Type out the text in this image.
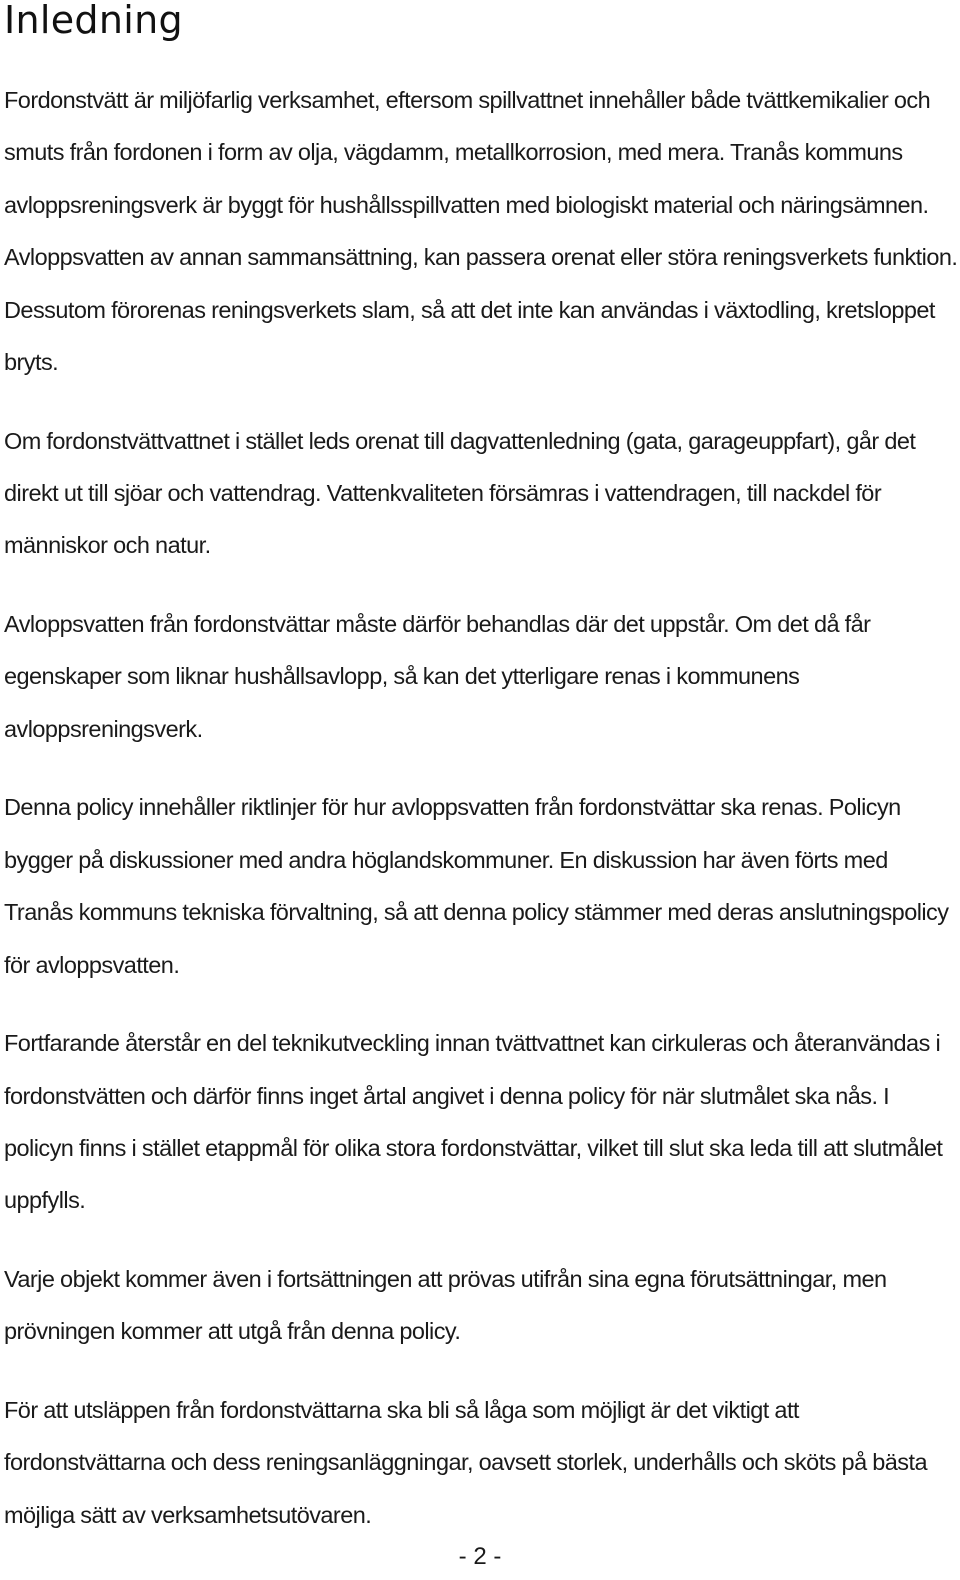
Inledning

Fordonstvätt är miljöfarlig verksamhet, eftersom spillvattnet innehåller både tvättkemikalier och smuts från fordonen i form av olja, vägdamm, metallkorrosion, med mera. Tranås kommuns avloppsreningsverk är byggt för hushållsspillvatten med biologiskt material och näringsämnen. Avloppsvatten av annan sammansättning, kan passera orenat eller störa reningsverkets funktion. Dessutom förorenas reningsverkets slam, så att det inte kan användas i växtodling, kretsloppet bryts.

Om fordonstvättvattnet i stället leds orenat till dagvattenledning (gata, garageuppfart), går det direkt ut till sjöar och vattendrag. Vattenkvaliteten försämras i vattendragen, till nackdel för människor och natur.

Avloppsvatten från fordonstvättar måste därför behandlas där det uppstår. Om det då får egenskaper som liknar hushållsavlopp, så kan det ytterligare renas i kommunens avloppsreningsverk.

Denna policy innehåller riktlinjer för hur avloppsvatten från fordonstvättar ska renas. Policyn bygger på diskussioner med andra höglandskommuner. En diskussion har även förts med Tranås kommuns tekniska förvaltning, så att denna policy stämmer med deras anslutningspolicy för avloppsvatten.

Fortfarande återstår en del teknikutveckling innan tvättvattnet kan cirkuleras och återanvändas i fordonstvätten och därför finns inget årtal angivet i denna policy för när slutmålet ska nås. I policyn finns i stället etappmål för olika stora fordonstvättar, vilket till slut ska leda till att slutmålet uppfylls.

Varje objekt kommer även i fortsättningen att prövas utifrån sina egna förutsättningar, men prövningen kommer att utgå från denna policy.

För att utsläppen från fordonstvättarna ska bli så låga som möjligt är det viktigt att fordonstvättarna och dess reningsanläggningar, oavsett storlek, underhålls och sköts på bästa möjliga sätt av verksamhetsutövaren.

- 2 -
